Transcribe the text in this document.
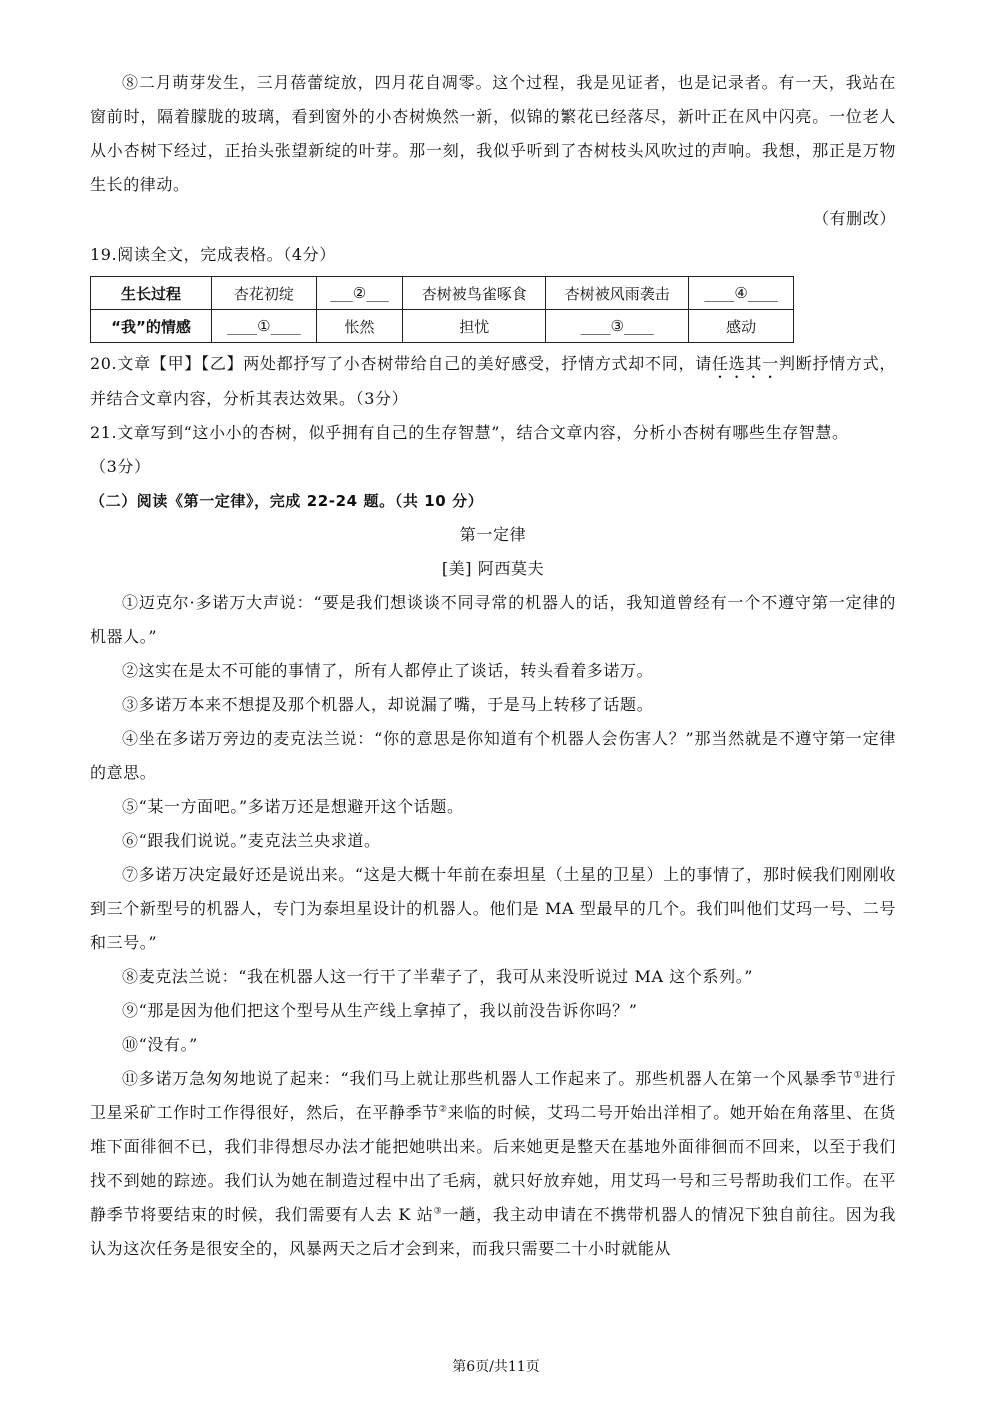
⑧二月萌芽发生，三月蓓蕾绽放，四月花自凋零。这个过程，我是见证者，也是记录者。有一天，我站在窗前时，隔着朦胧的玻璃，看到窗外的小杏树焕然一新，似锦的繁花已经落尽，新叶正在风中闪亮。一位老人从小杏树下经过，正抬头张望新绽的叶芽。那一刻，我似乎听到了杏树枝头风吹过的声响。我想，那正是万物生长的律动。

（有删改）

19.阅读全文，完成表格。（4分）

生长过程	杏花初绽	___②___	杏树被鸟雀啄食	杏树被风雨袭击	____④____
“我”的情感	____①____	怅然	担忧	____③____	感动

20.文章【甲】【乙】两处都抒写了小杏树带给自己的美好感受，抒情方式却不同，请任选其一判断抒情方式，并结合文章内容，分析其表达效果。（3分）

21.文章写到“这小小的杏树，似乎拥有自己的生存智慧”，结合文章内容，分析小杏树有哪些生存智慧。

（3分）

（二）阅读《第一定律》，完成 22-24 题。（共 10 分）

第一定律

[美] 阿西莫夫

①迈克尔·多诺万大声说：“要是我们想谈谈不同寻常的机器人的话，我知道曾经有一个不遵守第一定律的机器人。”

②这实在是太不可能的事情了，所有人都停止了谈话，转头看着多诺万。

③多诺万本来不想提及那个机器人，却说漏了嘴，于是马上转移了话题。

④坐在多诺万旁边的麦克法兰说：“你的意思是你知道有个机器人会伤害人？”那当然就是不遵守第一定律的意思。

⑤“某一方面吧。”多诺万还是想避开这个话题。

⑥“跟我们说说。”麦克法兰央求道。

⑦多诺万决定最好还是说出来。“这是大概十年前在泰坦星（土星的卫星）上的事情了，那时候我们刚刚收到三个新型号的机器人，专门为泰坦星设计的机器人。他们是 MA 型最早的几个。我们叫他们艾玛一号、二号和三号。”

⑧麦克法兰说：“我在机器人这一行干了半辈子了，我可从来没听说过 MA 这个系列。”

⑨“那是因为他们把这个型号从生产线上拿掉了，我以前没告诉你吗？”

⑩“没有。”

⑪多诺万急匆匆地说了起来：“我们马上就让那些机器人工作起来了。那些机器人在第一个风暴季节①进行卫星采矿工作时工作得很好，然后，在平静季节②来临的时候，艾玛二号开始出洋相了。她开始在角落里、在货堆下面徘徊不已，我们非得想尽办法才能把她哄出来。后来她更是整天在基地外面徘徊而不回来，以至于我们找不到她的踪迹。我们认为她在制造过程中出了毛病，就只好放弃她，用艾玛一号和三号帮助我们工作。在平静季节将要结束的时候，我们需要有人去 K 站③一趟，我主动申请在不携带机器人的情况下独自前往。因为我认为这次任务是很安全的，风暴两天之后才会到来，而我只需要二十小时就能从

第6页/共11页
